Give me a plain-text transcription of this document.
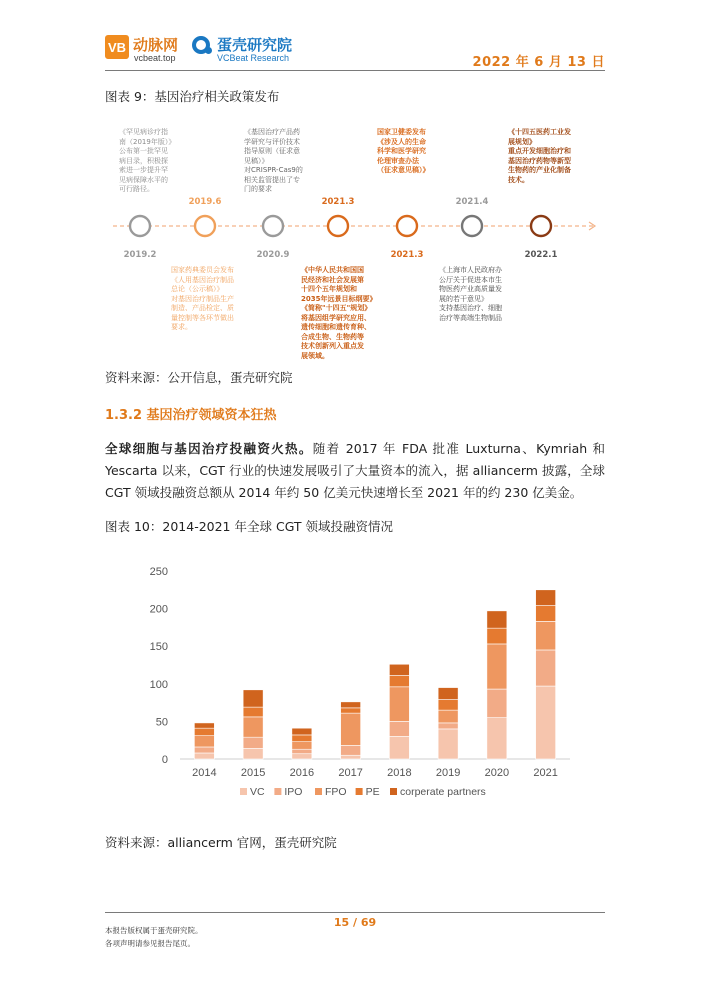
VB 动脉网
vcbeat.top
蛋壳研究院
VCBeat Research	2022 年 6 月 13 日
图表 9：基因治疗相关政策发布
2019.2
2019.6
2020.9
2021.3
2021.3
2021.4
2022.1
《罕见病诊疗指
南（2019年版）》
公布第一批罕见
病目录，积极探
索进一步提升罕
见病保障水平的
可行路径。
国家药典委员会发布
《人用基因治疗制品
总论（公示稿）》
对基因治疗制品生产
制造、产品检定、质
量控制等各环节做出
要求。
《基因治疗产品药
学研究与评价技术
指导原则（征求意
见稿）》
对CRISPR-Cas9的
相关监管提出了专
门的要求
《中华人民共和国国
民经济和社会发展第
十四个五年规划和
2035年远景目标纲要》
《简称"十四五"规划》
将基因组学研究应用、
遗传细胞和遗传育种、
合成生物、生物药等
技术创新列入重点发
展领域。
国家卫健委发布
《涉及人的生命
科学和医学研究
伦理审查办法
（征求意见稿）》
《上海市人民政府办
公厅关于促进本市生
物医药产业高质量发
展的若干意见》
支持基因治疗、细胞
治疗等高端生物制品
《十四五医药工业发
展规划》
重点开发细胞治疗和
基因治疗药物等新型
生物药的产业化制备
技术。
资料来源：公开信息，蛋壳研究院
1.3.2 基因治疗领域资本狂热
全球细胞与基因治疗投融资火热。随着 2017 年 FDA 批准 Luxturna、Kymriah 和 Yescarta 以来，CGT 行业的快速发展吸引了大量资本的流入，据 alliancerm 披露，全球 CGT 领域投融资总额从 2014 年约 50 亿美元快速增长至 2021 年的约 230 亿美金。
图表 10：2014-2021 年全球 CGT 领域投融资情况
0
50
100
150
200
250
2014 2015 2016 2017 2018 2019 2020 2021
VC IPO FPO PE corperate partners
资料来源：alliancerm 官网，蛋壳研究院
15 / 69
本报告版权属于蛋壳研究院。
各项声明请参见报告尾页。
